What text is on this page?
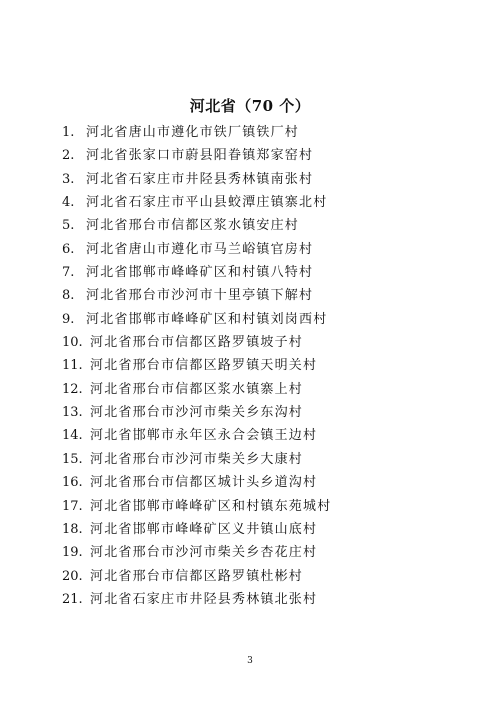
河北省（70 个）
1. 河北省唐山市遵化市铁厂镇铁厂村
2. 河北省张家口市蔚县阳眷镇郑家窑村
3. 河北省石家庄市井陉县秀林镇南张村
4. 河北省石家庄市平山县蛟潭庄镇寨北村
5. 河北省邢台市信都区浆水镇安庄村
6. 河北省唐山市遵化市马兰峪镇官房村
7. 河北省邯郸市峰峰矿区和村镇八特村
8. 河北省邢台市沙河市十里亭镇下解村
9. 河北省邯郸市峰峰矿区和村镇刘岗西村
10. 河北省邢台市信都区路罗镇坡子村
11. 河北省邢台市信都区路罗镇天明关村
12. 河北省邢台市信都区浆水镇寨上村
13. 河北省邢台市沙河市柴关乡东沟村
14. 河北省邯郸市永年区永合会镇王边村
15. 河北省邢台市沙河市柴关乡大康村
16. 河北省邢台市信都区城计头乡道沟村
17. 河北省邯郸市峰峰矿区和村镇东苑城村
18. 河北省邯郸市峰峰矿区义井镇山底村
19. 河北省邢台市沙河市柴关乡杏花庄村
20. 河北省邢台市信都区路罗镇杜彬村
21. 河北省石家庄市井陉县秀林镇北张村
3
